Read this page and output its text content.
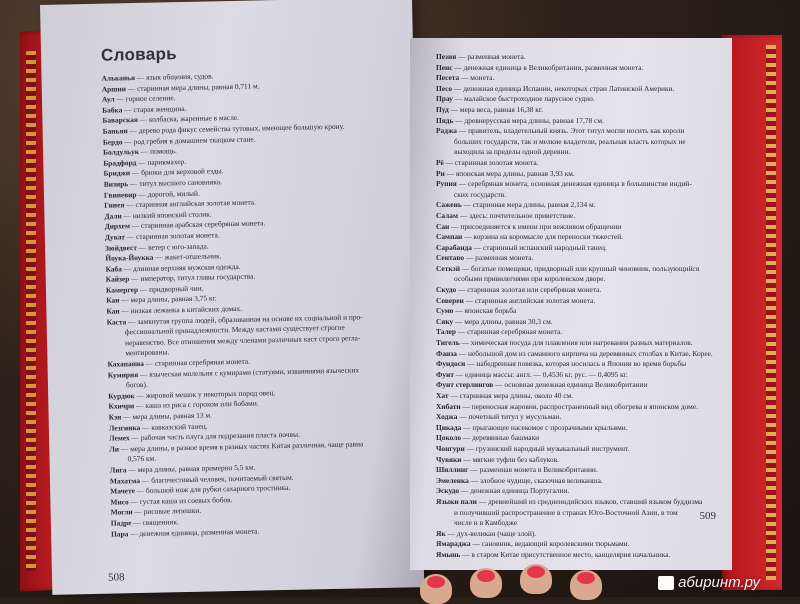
Словарь

Альканья — язык общения, судов.

Аршин — старинная мера длины, равная 0,711 м.

Аул — горное селение.

Бабка — старая женщина.

Баварская — колбаска, жаренные в масле.

Баньян — дерево рода фикус семейства тутовых, имеющее большую крону.

Бердо — род гребня в домашнем ткацком стане.

Болдульук — помощь.

Брадфорд — парикмахер.

Бриджи — брюки для верховой езды.

Визирь — титул высшего сановника.

Гвиневир — дорогой, милый.

Гинея — старинная английская золотая монета.

Дали — низкий японский столик.

Дирхем — старинная арабская серебряная монета.

Дукат — старинная золотая монета.

Зюйдвест — ветер с юго-запада.

Йоука-Йоукка — жакет-отшельник.

Каба — длинная верхняя мужская одежда.

Кайзер — император, титул главы государства.

Камергер — придворный чин.

Кан — мера длины, равная 3,75 кг.

Кан — низкая лежанка в китайских домах.

Каста — замкнутая группа людей, образованная на основе их социальной и про-

фессиональной принадлежности. Между кастами существует строгое

неравенство. Все отношения между членами различных каст строго регла-

ментированы.

Кахапанна — старинная серебряная монета.

Кумирня — языческая молельня с кумирами (статуями, изваяниями языческих

богов).

Курдюк — жировой мешок у некоторых пород овец.

Кхичри — каша из риса с горохом или бобами.

Кэн — мера длины, равная 13 м.

Лезгинка — кавказский танец.

Лемех — рабочая часть плуга для подрезания пласта почвы.

Ли — мера длины, в разное время в разных частях Китая различная, чаще равна

0,576 км.

Лига — мера длины, равная примерно 5,5 км.

Махатма — благочестивый человек, почитаемый святым.

Мачете — большой нож для рубки сахарного тростника.

Мисо — густая каша из соевых бобов.

Могли — рисовые лепешки.

Падре — священник.

Пара — денежная единица, разменная монета.

508

Пезия — разменная монета.

Пенс — денежная единица в Великобритании, разменная монета.

Песета — монета.

Песо — денежная единица Испании, некоторых стран Латинской Америки.

Прау — малайское быстроходное парусное судно.

Пуд — мера веса, равная 16,38 кг.

Пядь — древнерусская мера длины, равная 17,78 см.

Раджа — правитель, владетельный князь. Этот титул могли носить как короли

больших государств, так и мелкие владетели, реальная власть которых не

выходила за пределы одной деревни.

Рё — старинная золотая монета.

Ри — японская мера длины, равная 3,93 км.

Рупия — серебряная монета, основная денежная единица в большинстве индий-

ских государств.

Сажень — старинная мера длины, равная 2,134 м.

Салам — здесь: почтительное приветствие.

Сан — присоединяется к имени при вежливом обращении

Сампан — корзина на коромысле для переноски тяжестей.

Сарабанда — старинный испанский народный танец.

Сентаво — разменная монета.

Сеткэй — богатые помещики, придворный или крупный чиновник, пользующийся

особыми привилегиями при королевском дворе.

Скудо — старинная золотая или серебряная монета.

Соверен — старинная английская золотая монета.

Сумо — японская борьба

Сяку — мера длины, равная 30,3 см.

Талер — старинная серебряная монета.

Тигель — химическая посуда для плавления или нагревания разных материалов.

Фанза — небольшой дом из саманного кирпича на деревянных столбах в Китае, Корее.

Фундоси — набедренная повязка, которая носилась в Японии во время борьбы

Фунт — единица массы: англ. — 0,4536 кг, рус. — 0,4095 кг.

Фунт стерлингов — основная денежная единица Великобритании

Хат — старинная мера длины, около 40 см.

Хибати — переносная жаровня, распространенный вид обогрева в японском доме.

Ходжа — почетный титул у мусульман.

Цикада — прыгающее насекомое с прозрачными крыльями.

Цоколо — деревянные башмаки

Чонгури — грузинский народный музыкальный инструмент.

Чувяки — мягкие туфли без каблуков.

Шиллинг — разменная монета в Великобритании.

Эмеленка — злобное чудище, сказочная великанша.

Эскудо — денежная единица Португалии.

Языки пали — древнейший из среднеиндийских языков, ставший языком буддизма

и получивший распространение в странах Юго-Восточной Азии, в том

числе и в Камбодже

Як — дух-великан (чаще злой).

Ямараджа — сановник, ведающий королевскими тюрьмами.

Ямынь — в старом Китае присутственное место, канцелярия начальника.

509
абиринт.ру
